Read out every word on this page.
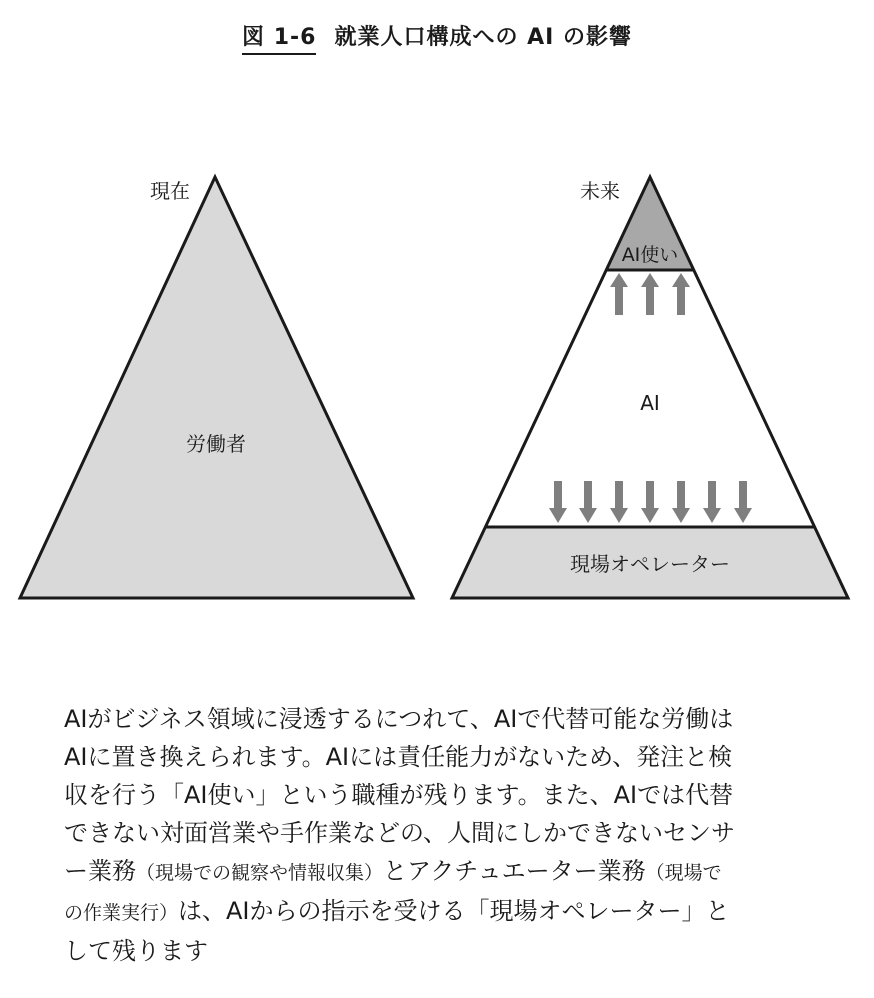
図 1-6 就業人口構成への AI の影響
現在
労働者
未来
AI使い
AI
現場オペレーター

AIがビジネス領域に浸透するにつれて、AIで代替可能な労働は

AIに置き換えられます。AIには責任能力がないため、発注と検

収を行う「AI使い」という職種が残ります。また、AIでは代替

できない対面営業や手作業などの、人間にしかできないセンサ

ー業務（現場での観察や情報収集）とアクチュエーター業務（現場で

の作業実行）は、AIからの指示を受ける「現場オペレーター」と

して残ります
